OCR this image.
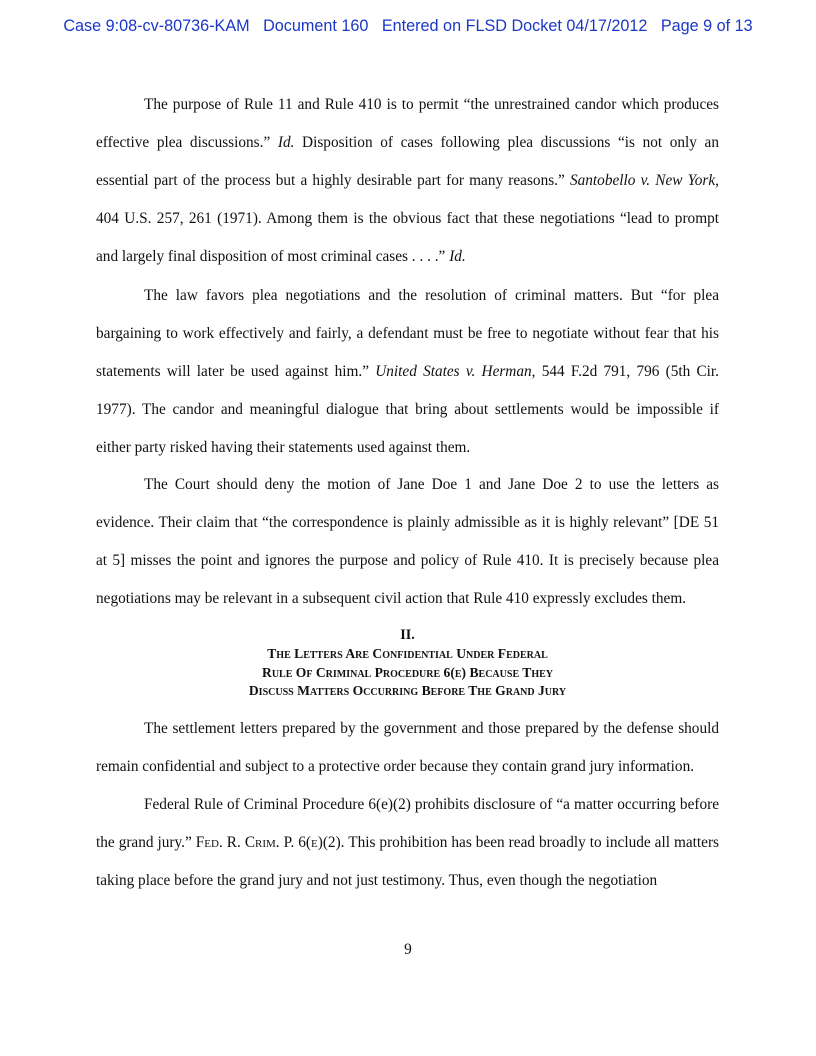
Case 9:08-cv-80736-KAM   Document 160   Entered on FLSD Docket 04/17/2012   Page 9 of 13

The purpose of Rule 11 and Rule 410 is to permit “the unrestrained candor which produces effective plea discussions.” Id. Disposition of cases following plea discussions “is not only an essential part of the process but a highly desirable part for many reasons.” Santobello v. New York, 404 U.S. 257, 261 (1971). Among them is the obvious fact that these negotiations “lead to prompt and largely final disposition of most criminal cases . . . .” Id.

The law favors plea negotiations and the resolution of criminal matters. But “for plea bargaining to work effectively and fairly, a defendant must be free to negotiate without fear that his statements will later be used against him.” United States v. Herman, 544 F.2d 791, 796 (5th Cir. 1977). The candor and meaningful dialogue that bring about settlements would be impossible if either party risked having their statements used against them.

The Court should deny the motion of Jane Doe 1 and Jane Doe 2 to use the letters as evidence. Their claim that “the correspondence is plainly admissible as it is highly relevant” [DE 51 at 5] misses the point and ignores the purpose and policy of Rule 410. It is precisely because plea negotiations may be relevant in a subsequent civil action that Rule 410 expressly excludes them.

II.
The Letters Are Confidential Under Federal
Rule Of Criminal Procedure 6(e) Because They
Discuss Matters Occurring Before The Grand Jury

The settlement letters prepared by the government and those prepared by the defense should remain confidential and subject to a protective order because they contain grand jury information.

Federal Rule of Criminal Procedure 6(e)(2) prohibits disclosure of “a matter occurring before the grand jury.” Fed. R. Crim. P. 6(e)(2). This prohibition has been read broadly to include all matters taking place before the grand jury and not just testimony. Thus, even though the negotiation

9
